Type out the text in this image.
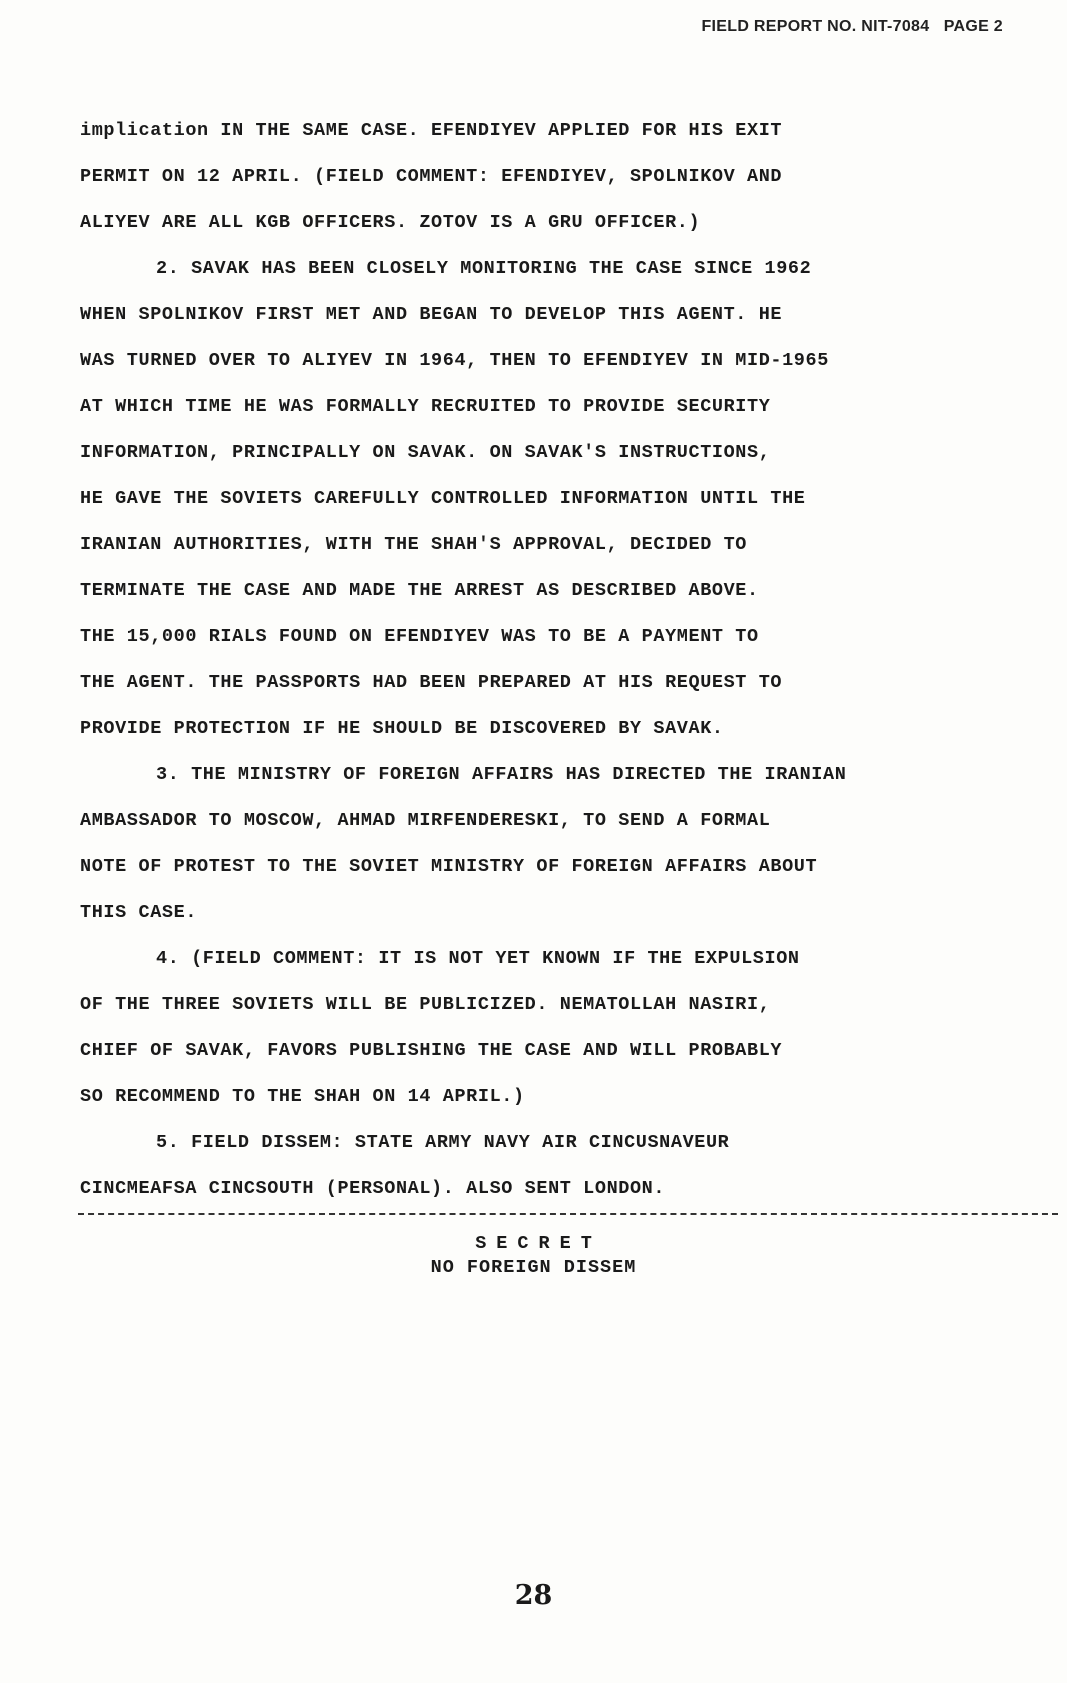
FIELD REPORT NO. NIT-7084 PAGE 2
implication IN THE SAME CASE. EFENDIYEV APPLIED FOR HIS EXIT
PERMIT ON 12 APRIL. (FIELD COMMENT: EFENDIYEV, SPOLNIKOV AND
ALIYEV ARE ALL KGB OFFICERS. ZOTOV IS A GRU OFFICER.)
2. SAVAK HAS BEEN CLOSELY MONITORING THE CASE SINCE 1962
WHEN SPOLNIKOV FIRST MET AND BEGAN TO DEVELOP THIS AGENT. HE
WAS TURNED OVER TO ALIYEV IN 1964, THEN TO EFENDIYEV IN MID-1965
AT WHICH TIME HE WAS FORMALLY RECRUITED TO PROVIDE SECURITY
INFORMATION, PRINCIPALLY ON SAVAK. ON SAVAK'S INSTRUCTIONS,
HE GAVE THE SOVIETS CAREFULLY CONTROLLED INFORMATION UNTIL THE
IRANIAN AUTHORITIES, WITH THE SHAH'S APPROVAL, DECIDED TO
TERMINATE THE CASE AND MADE THE ARREST AS DESCRIBED ABOVE.
THE 15,000 RIALS FOUND ON EFENDIYEV WAS TO BE A PAYMENT TO
THE AGENT. THE PASSPORTS HAD BEEN PREPARED AT HIS REQUEST TO
PROVIDE PROTECTION IF HE SHOULD BE DISCOVERED BY SAVAK.
3. THE MINISTRY OF FOREIGN AFFAIRS HAS DIRECTED THE IRANIAN
AMBASSADOR TO MOSCOW, AHMAD MIRFENDERESKI, TO SEND A FORMAL
NOTE OF PROTEST TO THE SOVIET MINISTRY OF FOREIGN AFFAIRS ABOUT
THIS CASE.
4. (FIELD COMMENT: IT IS NOT YET KNOWN IF THE EXPULSION
OF THE THREE SOVIETS WILL BE PUBLICIZED. NEMATOLLAH NASIRI,
CHIEF OF SAVAK, FAVORS PUBLISHING THE CASE AND WILL PROBABLY
SO RECOMMEND TO THE SHAH ON 14 APRIL.)
5. FIELD DISSEM: STATE ARMY NAVY AIR CINCUSNAVEUR
CINCMEAFSA CINCSOUTH (PERSONAL). ALSO SENT LONDON.
SECRET
NO FOREIGN DISSEM
28
